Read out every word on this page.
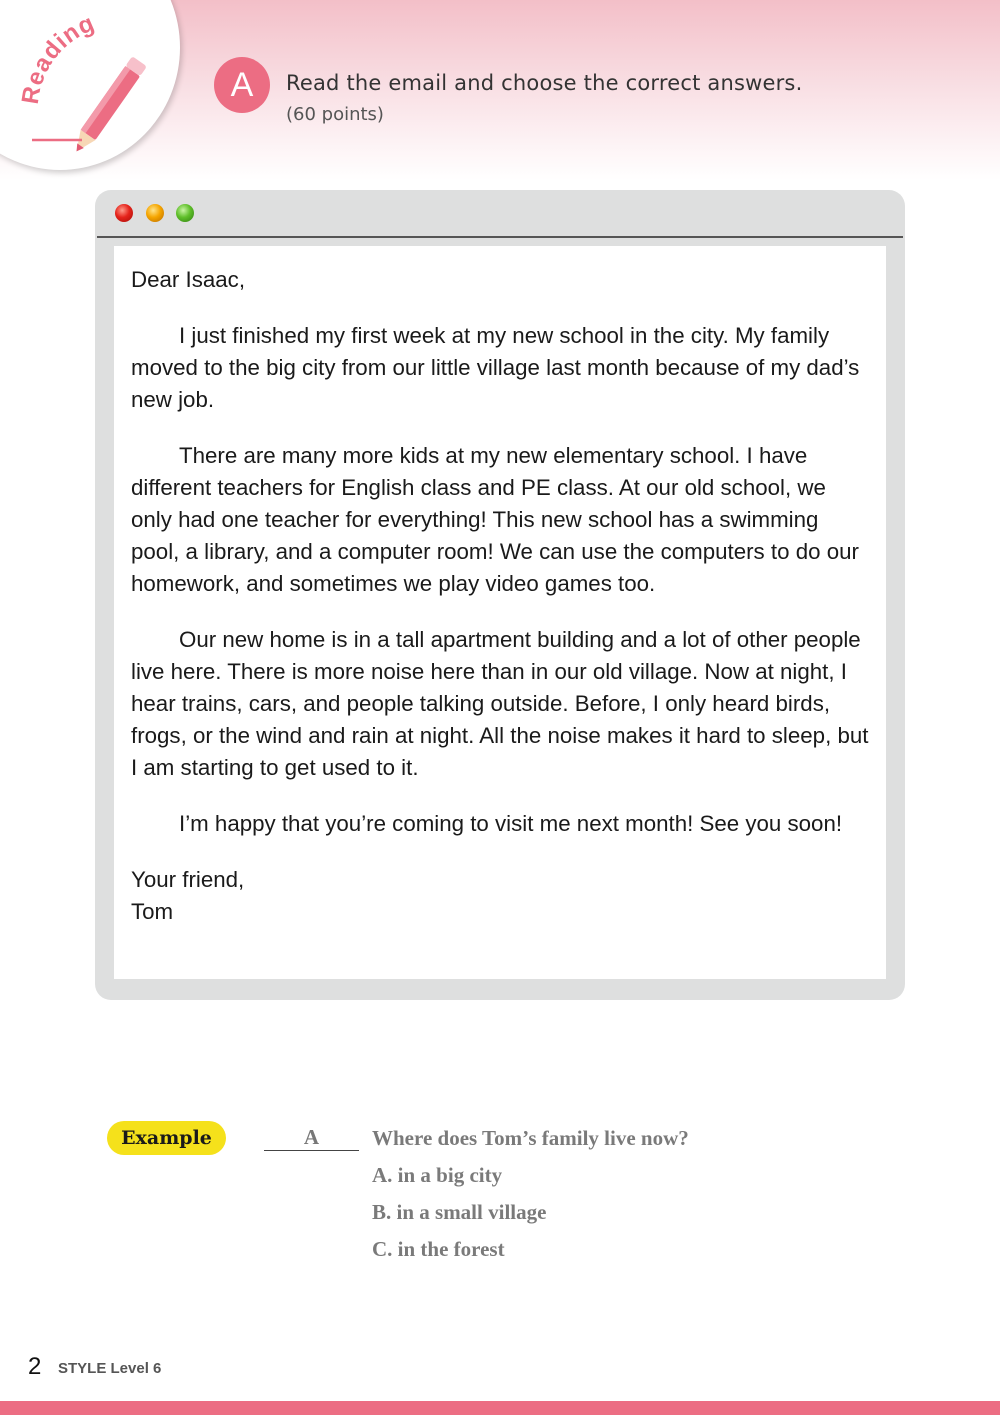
Reading
A	Read the email and choose the correct answers.
(60 points)

Dear Isaac,

I just finished my first week at my new school in the city. My family moved to the big city from our little village last month because of my dad’s new job.

There are many more kids at my new elementary school. I have different teachers for English class and PE class. At our old school, we only had one teacher for everything! This new school has a swimming pool, a library, and a computer room! We can use the computers to do our homework, and sometimes we play video games too.

Our new home is in a tall apartment building and a lot of other people live here. There is more noise here than in our old village. Now at night, I hear trains, cars, and people talking outside. Before, I only heard birds, frogs, or the wind and rain at night. All the noise makes it hard to sleep, but I am starting to get used to it.

I’m happy that you’re coming to visit me next month! See you soon!

Your friend,
Tom
Example	A	Where does Tom’s family live now?
A. in a big city
B. in a small village
C. in the forest
2 STYLE Level 6
